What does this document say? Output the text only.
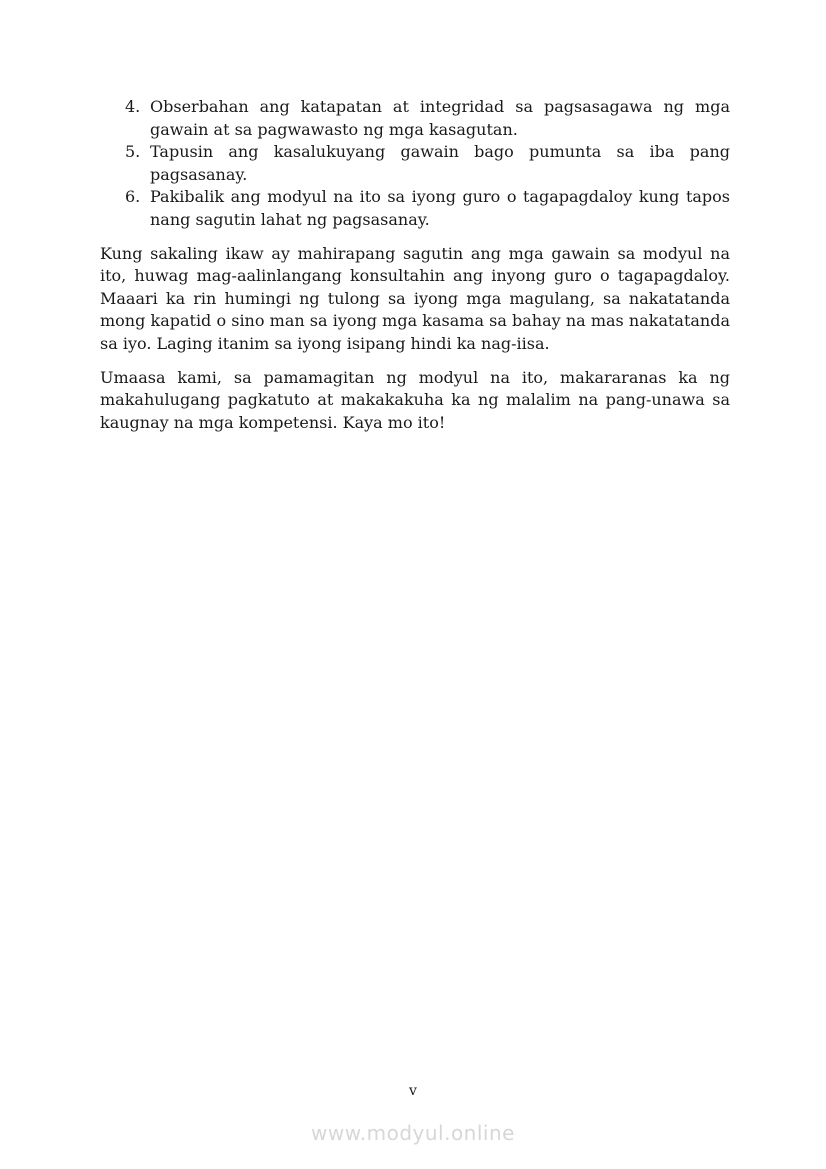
4. Obserbahan ang katapatan at integridad sa pagsasagawa ng mga gawain at sa pagwawasto ng mga kasagutan.
5. Tapusin ang kasalukuyang gawain bago pumunta sa iba pang pagsasanay.
6. Pakibalik ang modyul na ito sa iyong guro o tagapagdaloy kung tapos nang sagutin lahat ng pagsasanay.

Kung sakaling ikaw ay mahirapang sagutin ang mga gawain sa modyul na ito, huwag mag-aalinlangang konsultahin ang inyong guro o tagapagdaloy. Maaari ka rin humingi ng tulong sa iyong mga magulang, sa nakatatanda mong kapatid o sino man sa iyong mga kasama sa bahay na mas nakatatanda sa iyo. Laging itanim sa iyong isipang hindi ka nag-iisa.

Umaasa kami, sa pamamagitan ng modyul na ito, makararanas ka ng makahulugang pagkatuto at makakakuha ka ng malalim na pang-unawa sa kaugnay na mga kompetensi. Kaya mo ito!

v
www.modyul.online
